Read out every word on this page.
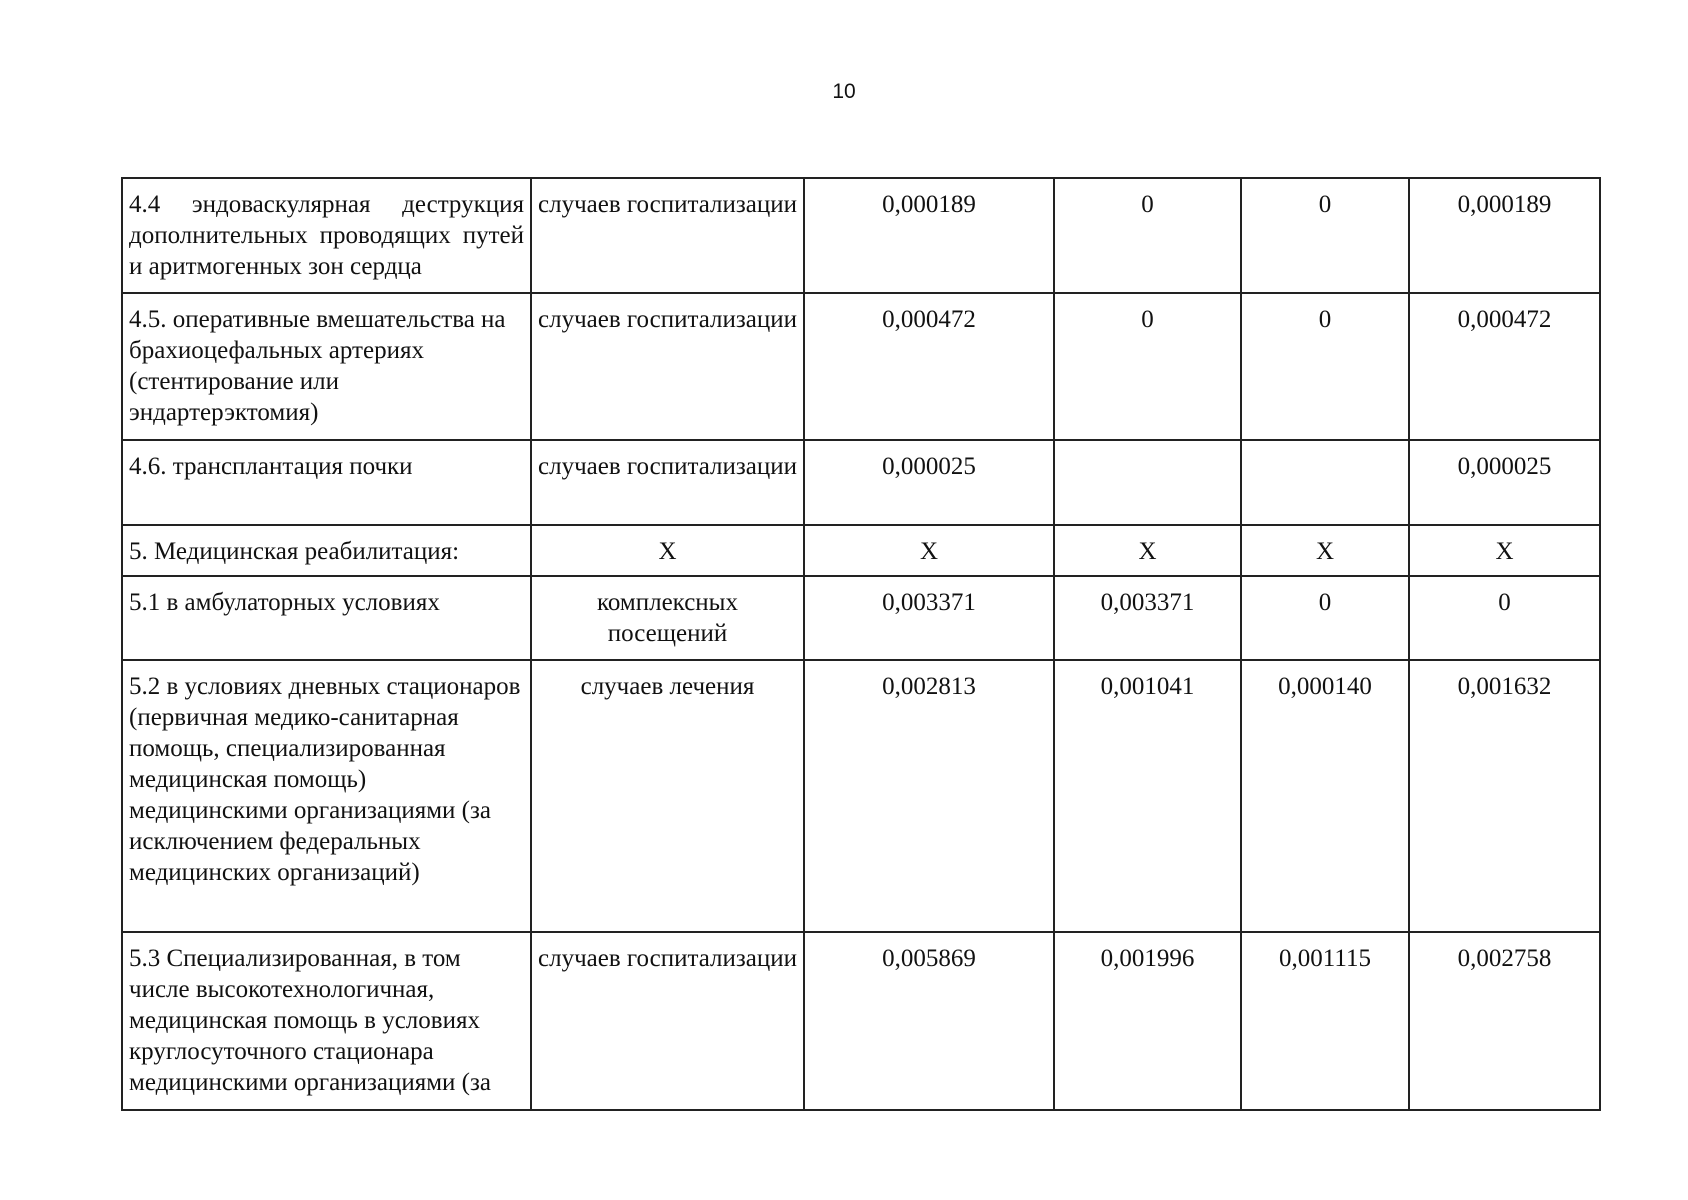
10
4.4 эндоваскулярная деструкция дополнительных проводящих путей и аритмогенных зон сердца	случаев госпитализации	0,000189	0	0	0,000189

4.5. оперативные вмешательства на брахиоцефальных артериях (стентирование или эндартерэктомия)	случаев госпитализации	0,000472	0	0	0,000472

4.6. трансплантация почки	случаев госпитализации	0,000025			0,000025

5. Медицинская реабилитация:	X	X	X	X	X

5.1 в амбулаторных условиях	комплексных посещений	0,003371	0,003371	0	0

5.2 в условиях дневных стационаров (первичная медико-санитарная помощь, специализированная медицинская помощь) медицинскими организациями (за исключением федеральных медицинских организаций)	случаев лечения	0,002813	0,001041	0,000140	0,001632

5.3 Специализированная, в том числе высокотехнологичная, медицинская помощь в условиях круглосуточного стационара медицинскими организациями (за	случаев госпитализации	0,005869	0,001996	0,001115	0,002758
